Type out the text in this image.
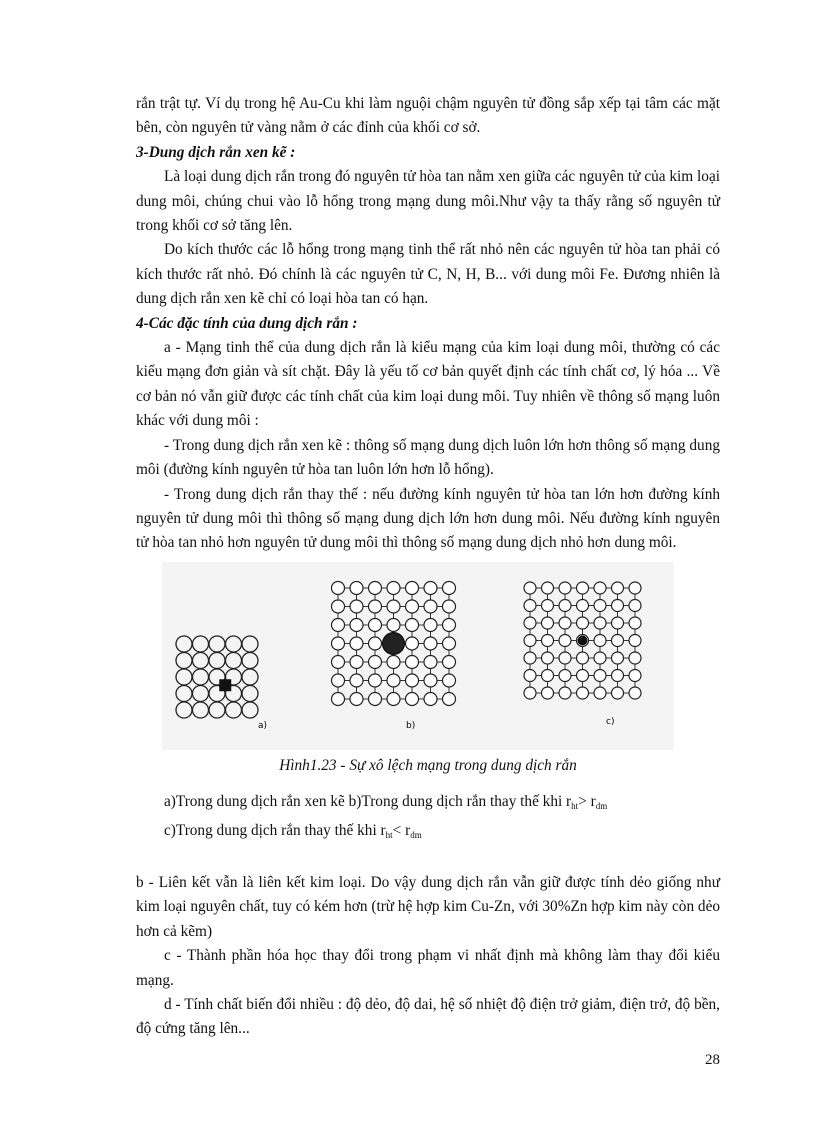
rắn trật tự. Ví dụ trong hệ Au-Cu khi làm nguội chậm nguyên tử đồng sắp xếp tại tâm các mặt bên, còn nguyên tử vàng nằm ở các đỉnh của khối cơ sở.

3-Dung dịch rắn xen kẽ :

Là loại dung dịch rắn trong đó nguyên tử hòa tan nằm xen giữa các nguyên tử của kim loại dung môi, chúng chui vào lỗ hổng trong mạng dung môi.Như vậy ta thấy rằng số nguyên tử trong khối cơ sở tăng lên.

Do kích thước các lỗ hổng trong mạng tinh thể rất nhỏ nên các nguyên tử hòa tan phải có kích thước rất nhỏ. Đó chính là các nguyên tử C, N, H, B... với dung môi Fe. Đương nhiên là dung dịch rắn xen kẽ chỉ có loại hòa tan có hạn.

4-Các đặc tính của dung dịch rắn :

a - Mạng tinh thể của dung dịch rắn là kiểu mạng của kim loại dung môi, thường có các kiểu mạng đơn giản và sít chặt. Đây là yếu tố cơ bản quyết định các tính chất cơ, lý hóa ... Về cơ bản nó vẫn giữ được các tính chất của kim loại dung môi. Tuy nhiên về thông số mạng luôn khác với dung môi :

- Trong dung dịch rắn xen kẽ : thông số mạng dung dịch luôn lớn hơn thông số mạng dung môi (đường kính nguyên tử hòa tan luôn lớn hơn lỗ hổng).

- Trong dung dịch rắn thay thế : nếu đường kính nguyên tử hòa tan lớn hơn đường kính nguyên tử dung môi thì thông số mạng dung dịch lớn hơn dung môi. Nếu đường kính nguyên tử hòa tan nhỏ hơn nguyên tử dung môi thì thông số mạng dung dịch nhỏ hơn dung môi.

a)	b)	c)

Hình1.23 - Sự xô lệch mạng trong dung dịch rắn

a)Trong dung dịch rắn xen kẽ b)Trong dung dịch rắn thay thế khi $r_{ht}> r_{dm}$

c)Trong dung dịch rắn thay thế khi $r_{ht}< r_{dm}$

b - Liên kết vẫn là liên kết kim loại. Do vậy dung dịch rắn vẫn giữ được tính dẻo giống như kim loại nguyên chất, tuy có kém hơn (trừ hệ hợp kim Cu-Zn, với 30%Zn hợp kim này còn dẻo hơn cả kẽm)

c - Thành phần hóa học thay đổi trong phạm vi nhất định mà không làm thay đổi kiểu mạng.

d - Tính chất biến đổi nhiều : độ dẻo, độ dai, hệ số nhiệt độ điện trở giảm, điện trở, độ bền, độ cứng tăng lên...

28
